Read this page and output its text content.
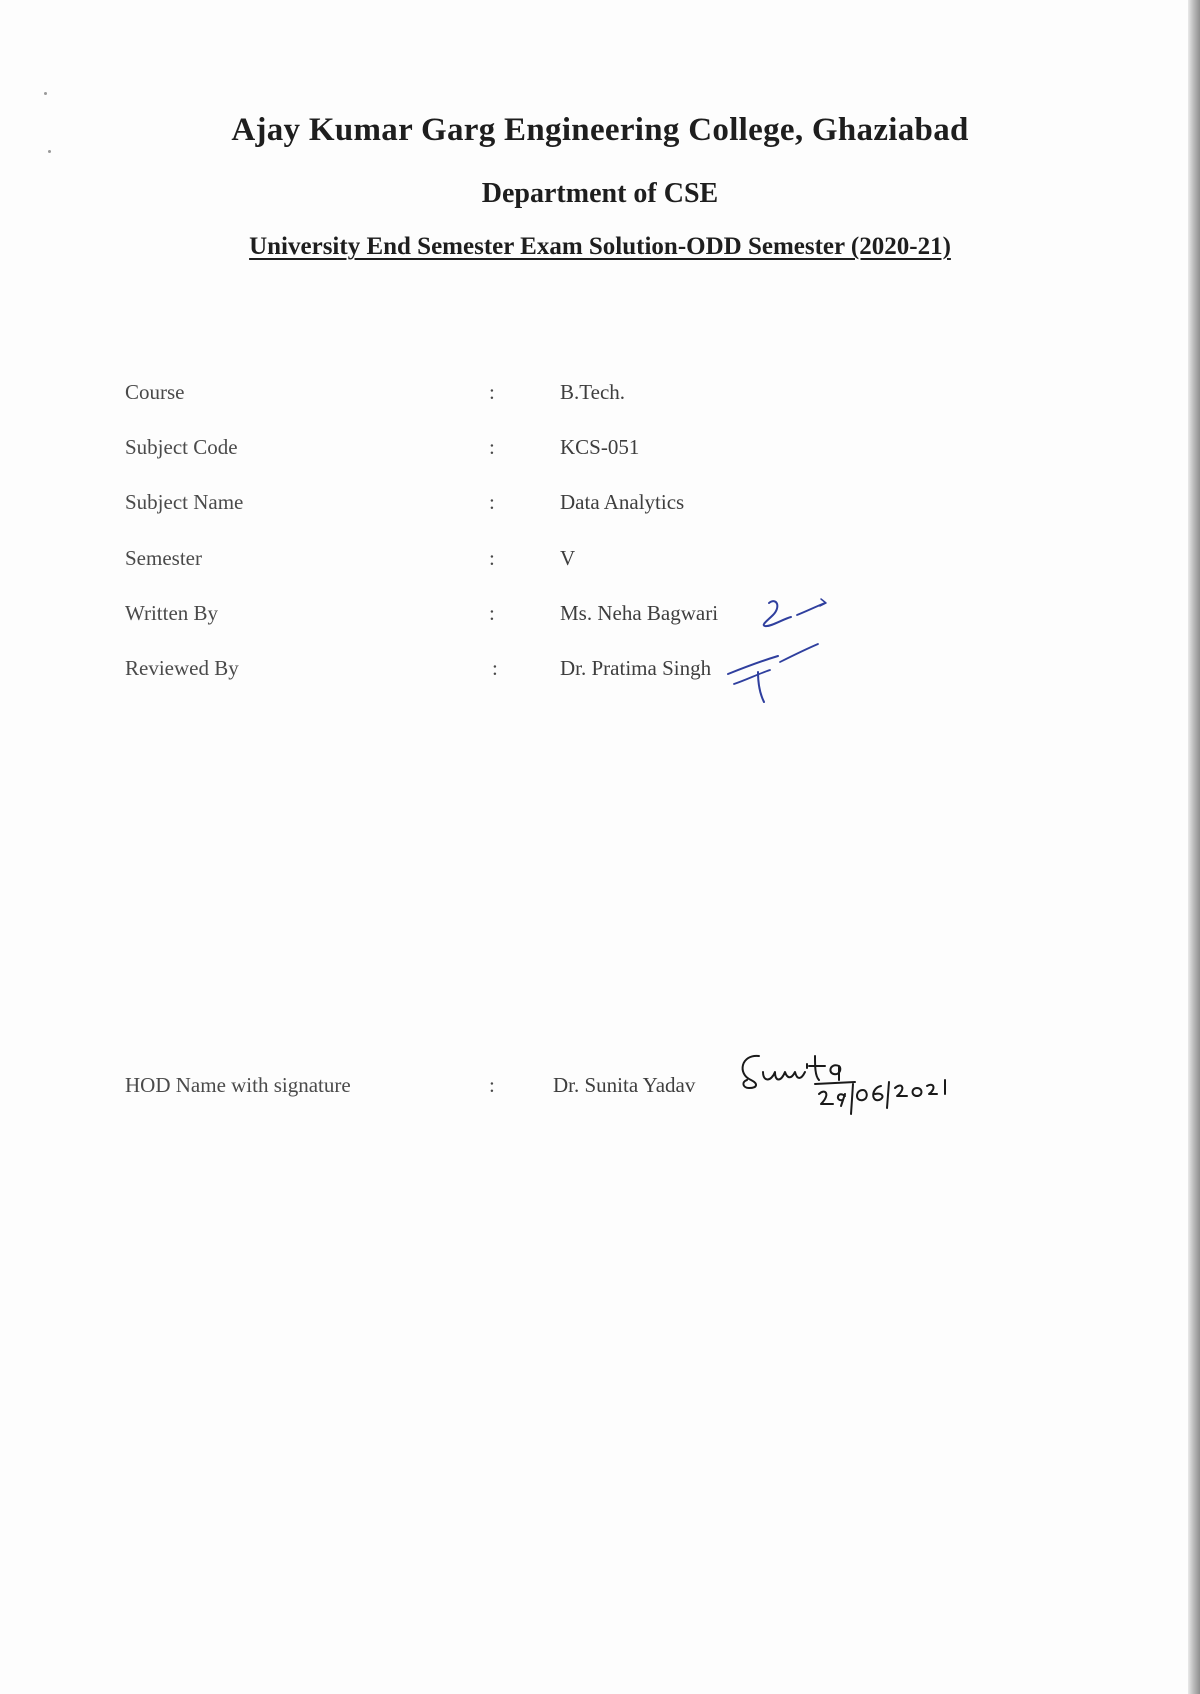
Ajay Kumar Garg Engineering College, Ghaziabad
Department of CSE
University End Semester Exam Solution-ODD Semester (2020-21)
Course	:	B.Tech.
Subject Code	:	KCS-051
Subject Name	:	Data Analytics
Semester	:	V
Written By	:	Ms. Neha Bagwari
Reviewed By	:	Dr. Pratima Singh
HOD Name with signature	:	Dr. Sunita Yadav
